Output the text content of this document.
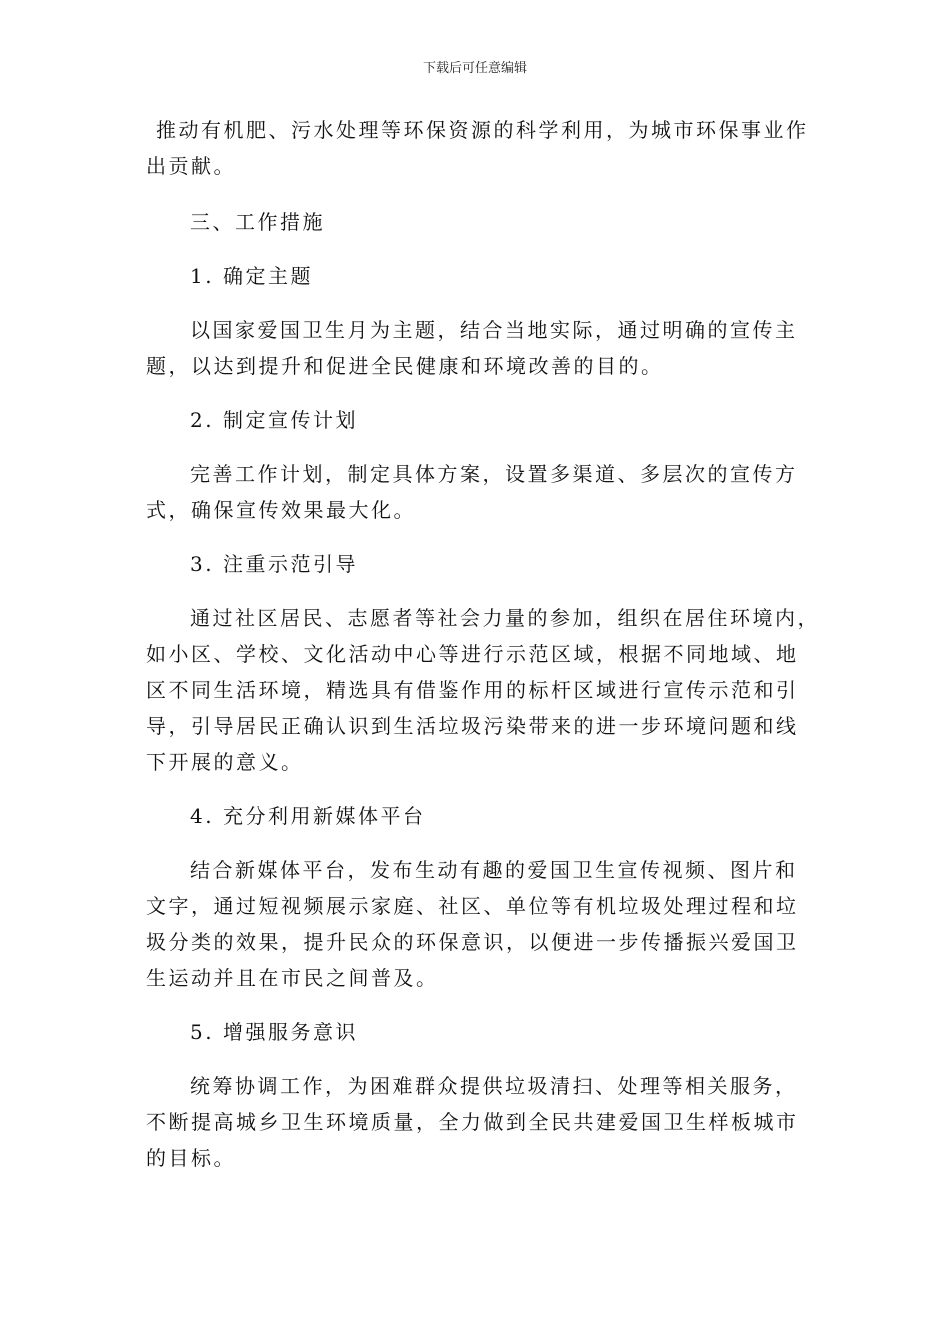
下载后可任意编辑

推动有机肥、污水处理等环保资源的科学利用，为城市环保事业作
出贡献。

三、工作措施

1. 确定主题

以国家爱国卫生月为主题，结合当地实际，通过明确的宣传主
题，以达到提升和促进全民健康和环境改善的目的。

2. 制定宣传计划

完善工作计划，制定具体方案，设置多渠道、多层次的宣传方
式，确保宣传效果最大化。

3. 注重示范引导

通过社区居民、志愿者等社会力量的参加，组织在居住环境内，
如小区、学校、文化活动中心等进行示范区域，根据不同地域、地
区不同生活环境，精选具有借鉴作用的标杆区域进行宣传示范和引
导，引导居民正确认识到生活垃圾污染带来的进一步环境问题和线
下开展的意义。

4. 充分利用新媒体平台

结合新媒体平台，发布生动有趣的爱国卫生宣传视频、图片和
文字，通过短视频展示家庭、社区、单位等有机垃圾处理过程和垃
圾分类的效果，提升民众的环保意识，以便进一步传播振兴爱国卫
生运动并且在市民之间普及。

5. 增强服务意识

统筹协调工作，为困难群众提供垃圾清扫、处理等相关服务，
不断提高城乡卫生环境质量，全力做到全民共建爱国卫生样板城市
的目标。
